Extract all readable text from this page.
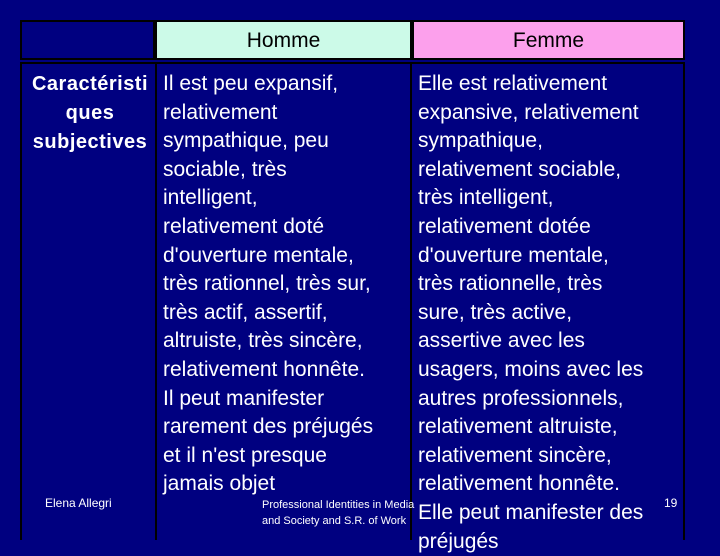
Homme	Femme
Caractéristi
ques
subjectives
Il est peu expansif,
relativement
sympathique, peu
sociable, très
intelligent,
relativement doté
d'ouverture mentale,
très rationnel, très sur,
très actif, assertif,
altruiste, très sincère,
relativement honnête.
Il peut manifester
rarement des préjugés
et il n'est presque
jamais objet
Elle est relativement
expansive, relativement
sympathique,
relativement sociable,
très intelligent,
relativement dotée
d'ouverture mentale,
très rationnelle, très
sure, très active,
assertive avec les
usagers, moins avec les
autres professionnels,
relativement altruiste,
relativement sincère,
relativement honnête.
Elle peut manifester des
préjugés
Elena Allegri	Professional Identities in Media
and Society and S.R. of Work
19
